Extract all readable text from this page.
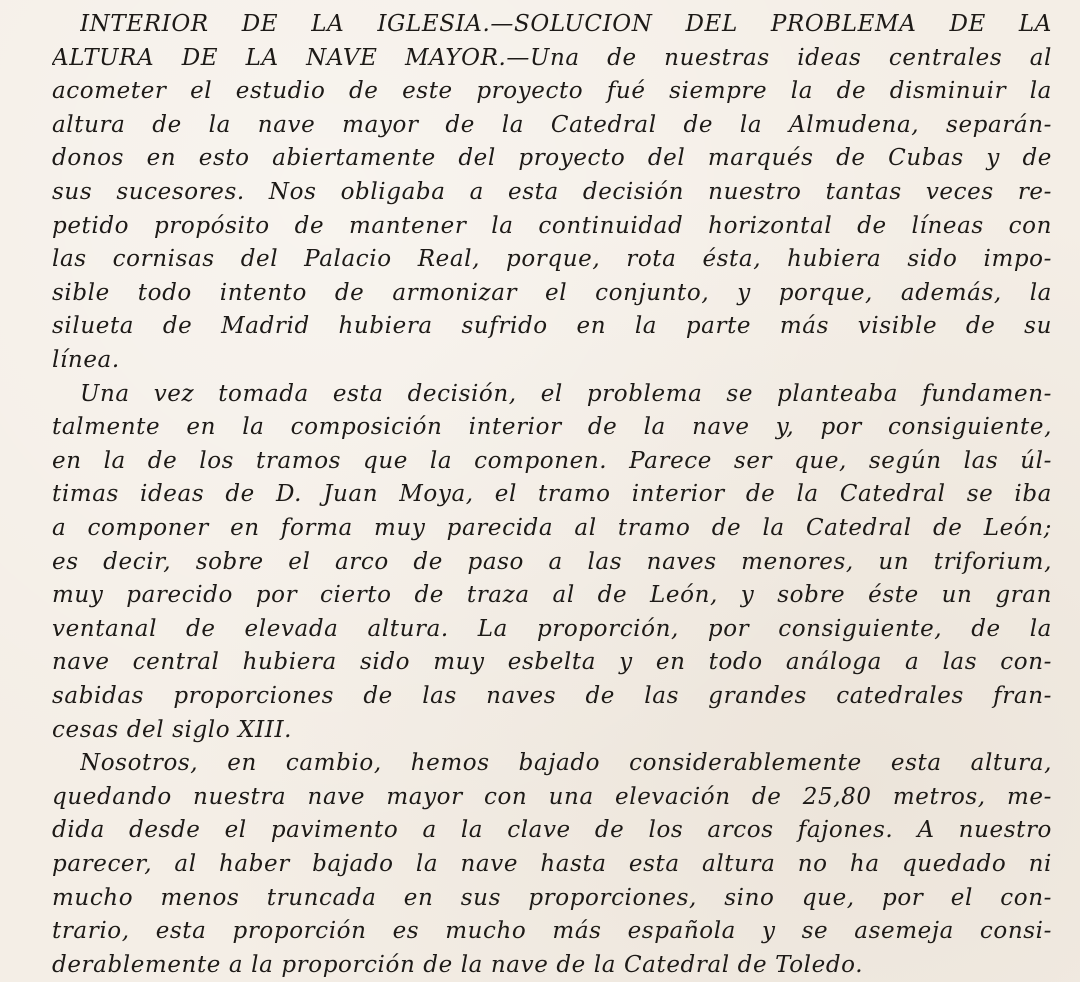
INTERIOR DE LA IGLESIA.—SOLUCION DEL PROBLEMA DE LA
ALTURA DE LA NAVE MAYOR.—Una de nuestras ideas centrales al
acometer el estudio de este proyecto fué siempre la de disminuir la
altura de la nave mayor de la Catedral de la Almudena, separán-
donos en esto abiertamente del proyecto del marqués de Cubas y de
sus sucesores. Nos obligaba a esta decisión nuestro tantas veces re-
petido propósito de mantener la continuidad horizontal de líneas con
las cornisas del Palacio Real, porque, rota ésta, hubiera sido impo-
sible todo intento de armonizar el conjunto, y porque, además, la
silueta de Madrid hubiera sufrido en la parte más visible de su
línea.
Una vez tomada esta decisión, el problema se planteaba fundamen-
talmente en la composición interior de la nave y, por consiguiente,
en la de los tramos que la componen. Parece ser que, según las úl-
timas ideas de D. Juan Moya, el tramo interior de la Catedral se iba
a componer en forma muy parecida al tramo de la Catedral de León;
es decir, sobre el arco de paso a las naves menores, un triforium,
muy parecido por cierto de traza al de León, y sobre éste un gran
ventanal de elevada altura. La proporción, por consiguiente, de la
nave central hubiera sido muy esbelta y en todo análoga a las con-
sabidas proporciones de las naves de las grandes catedrales fran-
cesas del siglo XIII.
Nosotros, en cambio, hemos bajado considerablemente esta altura,
quedando nuestra nave mayor con una elevación de 25,80 metros, me-
dida desde el pavimento a la clave de los arcos fajones. A nuestro
parecer, al haber bajado la nave hasta esta altura no ha quedado ni
mucho menos truncada en sus proporciones, sino que, por el con-
trario, esta proporción es mucho más española y se asemeja consi-
derablemente a la proporción de la nave de la Catedral de Toledo.
